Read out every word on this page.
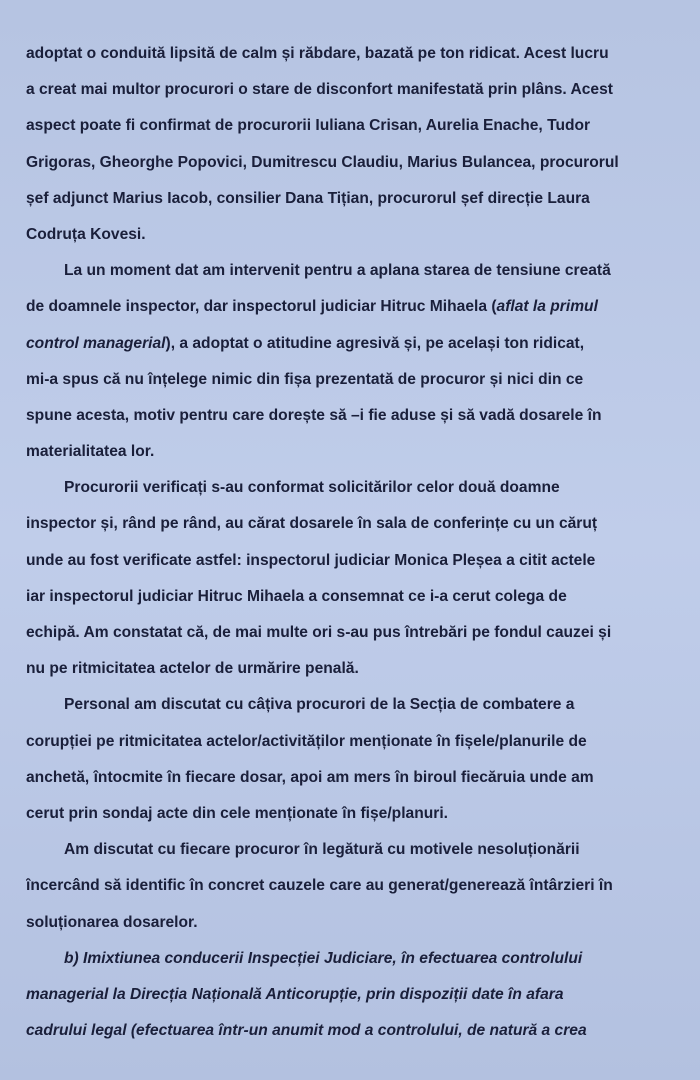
adoptat o conduită lipsită de calm și răbdare, bazată pe ton ridicat. Acest lucru
a creat mai multor procurori o stare de disconfort manifestată prin plâns. Acest
aspect poate fi confirmat de procurorii Iuliana Crisan, Aurelia Enache, Tudor
Grigoras, Gheorghe Popovici, Dumitrescu Claudiu, Marius Bulancea, procurorul
șef adjunct Marius Iacob, consilier Dana Tițian, procurorul șef direcție Laura
Codruța Kovesi.
La un moment dat am intervenit pentru a aplana starea de tensiune creată
de doamnele inspector, dar inspectorul judiciar Hitruc Mihaela (aflat la primul
control managerial), a adoptat o atitudine agresivă și, pe același ton ridicat,
mi-a spus că nu înțelege nimic din fișa prezentată de procuror și nici din ce
spune acesta, motiv pentru care dorește să –i fie aduse și să vadă dosarele în
materialitatea lor.
Procurorii verificați s-au conformat solicitărilor celor două doamne
inspector și, rând pe rând, au cărat dosarele în sala de conferințe cu un căruț
unde au fost verificate astfel: inspectorul judiciar Monica Pleșea a citit actele
iar inspectorul judiciar Hitruc Mihaela a consemnat ce i-a cerut colega de
echipă. Am constatat că, de mai multe ori s-au pus întrebări pe fondul cauzei și
nu pe ritmicitatea actelor de urmărire penală.
Personal am discutat cu câțiva procurori de la Secția de combatere a
corupției pe ritmicitatea actelor/activităților menționate în fișele/planurile de
anchetă, întocmite în fiecare dosar, apoi am mers în biroul fiecăruia unde am
cerut prin sondaj acte din cele menționate în fișe/planuri.
Am discutat cu fiecare procuror în legătură cu motivele nesoluționării
încercând să identific în concret cauzele care au generat/generează întârzieri în
soluționarea dosarelor.
b) Imixtiunea conducerii Inspecției Judiciare, în efectuarea controlului
managerial la Direcția Națională Anticorupție, prin dispoziții date în afara
cadrului legal (efectuarea într-un anumit mod a controlului, de natură a crea
